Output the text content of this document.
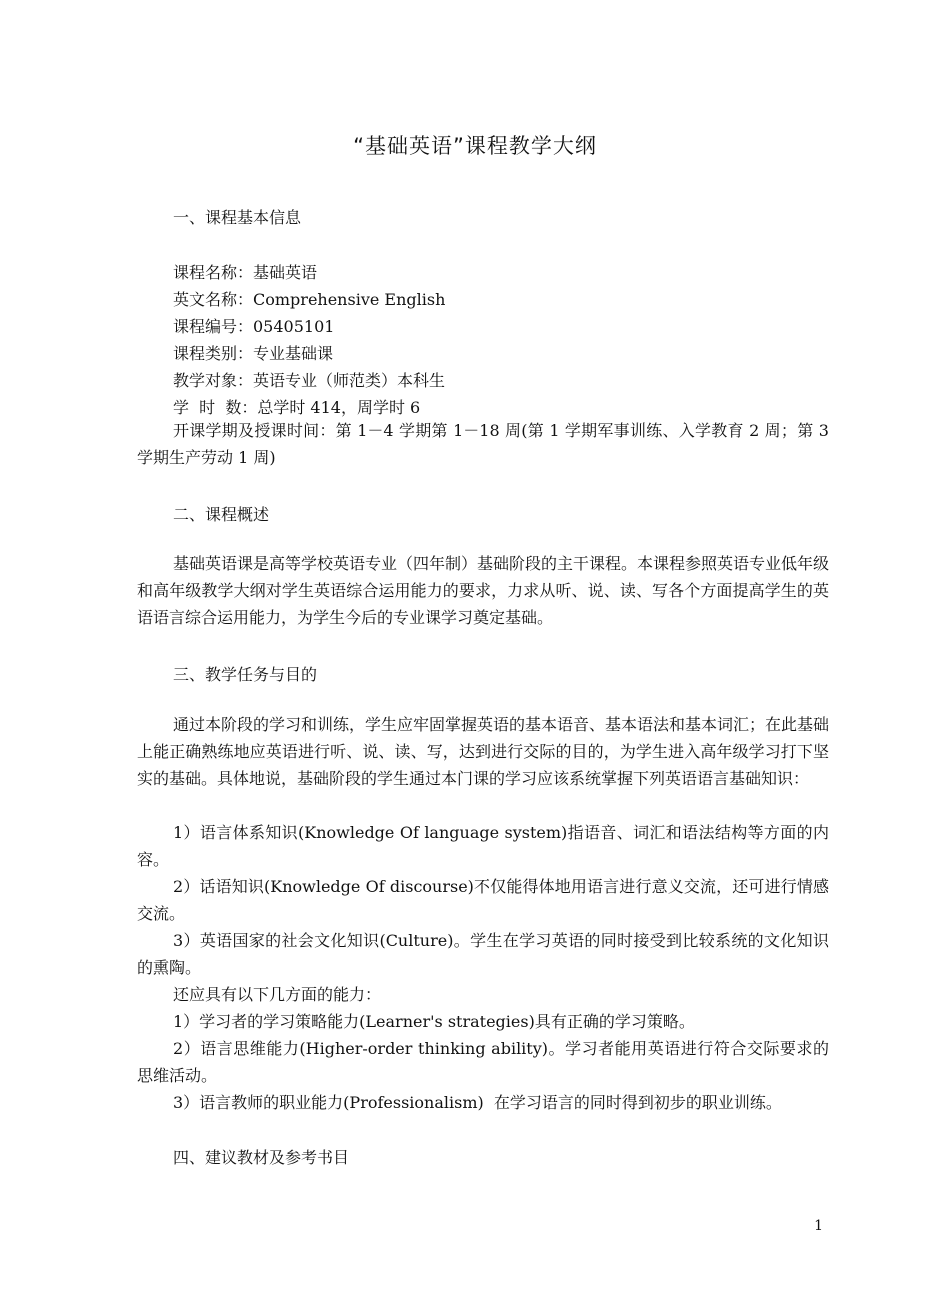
“基础英语”课程教学大纲
一、课程基本信息
课程名称：基础英语
英文名称：Comprehensive English
课程编号：05405101
课程类别：专业基础课
教学对象：英语专业（师范类）本科生
学  时  数：总学时 414，周学时 6

开课学期及授课时间：第 1－4 学期第 1－18 周(第 1 学期军事训练、入学教育 2 周；第 3 学期生产劳动 1 周)

二、课程概述

基础英语课是高等学校英语专业（四年制）基础阶段的主干课程。本课程参照英语专业低年级和高年级教学大纲对学生英语综合运用能力的要求，力求从听、说、读、写各个方面提高学生的英语语言综合运用能力，为学生今后的专业课学习奠定基础。

三、教学任务与目的

通过本阶段的学习和训练，学生应牢固掌握英语的基本语音、基本语法和基本词汇；在此基础上能正确熟练地应英语进行听、说、读、写，达到进行交际的目的，为学生进入高年级学习打下坚实的基础。具体地说，基础阶段的学生通过本门课的学习应该系统掌握下列英语语言基础知识：

1）语言体系知识(Knowledge Of language system)指语音、词汇和语法结构等方面的内容。

2）话语知识(Knowledge Of discourse)不仅能得体地用语言进行意义交流，还可进行情感交流。

3）英语国家的社会文化知识(Culture)。学生在学习英语的同时接受到比较系统的文化知识的熏陶。

还应具有以下几方面的能力：

1）学习者的学习策略能力(Learner's strategies)具有正确的学习策略。

2）语言思维能力(Higher-order thinking ability)。学习者能用英语进行符合交际要求的思维活动。

3）语言教师的职业能力(Professionalism)  在学习语言的同时得到初步的职业训练。

四、建议教材及参考书目
1
